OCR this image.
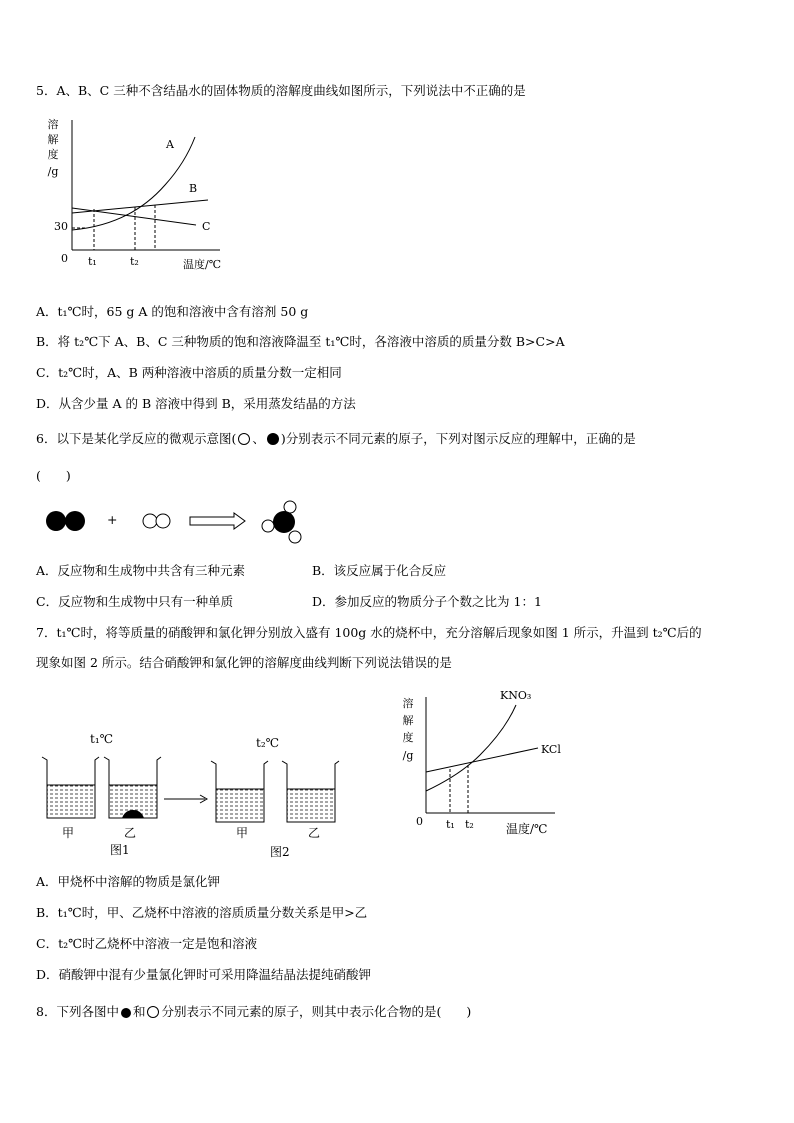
5．A、B、C 三种不含结晶水的固体物质的溶解度曲线如图所示，下列说法中不正确的是
溶
解
度
/g
30
0 t₁	t₂	温度/℃
A
B
C
A．t₁℃时，65 g A 的饱和溶液中含有溶剂 50 g
B．将 t₂℃下 A、B、C 三种物质的饱和溶液降温至 t₁℃时，各溶液中溶质的质量分数 B>C>A
C．t₂℃时，A、B 两种溶液中溶质的质量分数一定相同
D．从含少量 A 的 B 溶液中得到 B，采用蒸发结晶的方法
6．以下是某化学反应的微观示意图( 、 )分别表示不同元素的原子，下列对图示反应的理解中，正确的是
(　　)
+
A．反应物和生成物中共含有三种元素	B．该反应属于化合反应
C．反应物和生成物中只有一种单质	D．参加反应的物质分子个数之比为 1：1
7．t₁℃时，将等质量的硝酸钾和氯化钾分别放入盛有 100g 水的烧杯中，充分溶解后现象如图 1 所示，升温到 t₂℃后的
现象如图 2 所示。结合硝酸钾和氯化钾的溶解度曲线判断下列说法错误的是
t₁℃	t₂℃
甲	乙	甲	乙
图1	图2
溶
解
度
/g
0 t₁ t₂	温度/℃
KNO₃
KCl
A．甲烧杯中溶解的物质是氯化钾
B．t₁℃时，甲、乙烧杯中溶液的溶质质量分数关系是甲>乙
C．t₂℃时乙烧杯中溶液一定是饱和溶液
D．硝酸钾中混有少量氯化钾时可采用降温结晶法提纯硝酸钾
8．下列各图中 和 分别表示不同元素的原子，则其中表示化合物的是(　　)
